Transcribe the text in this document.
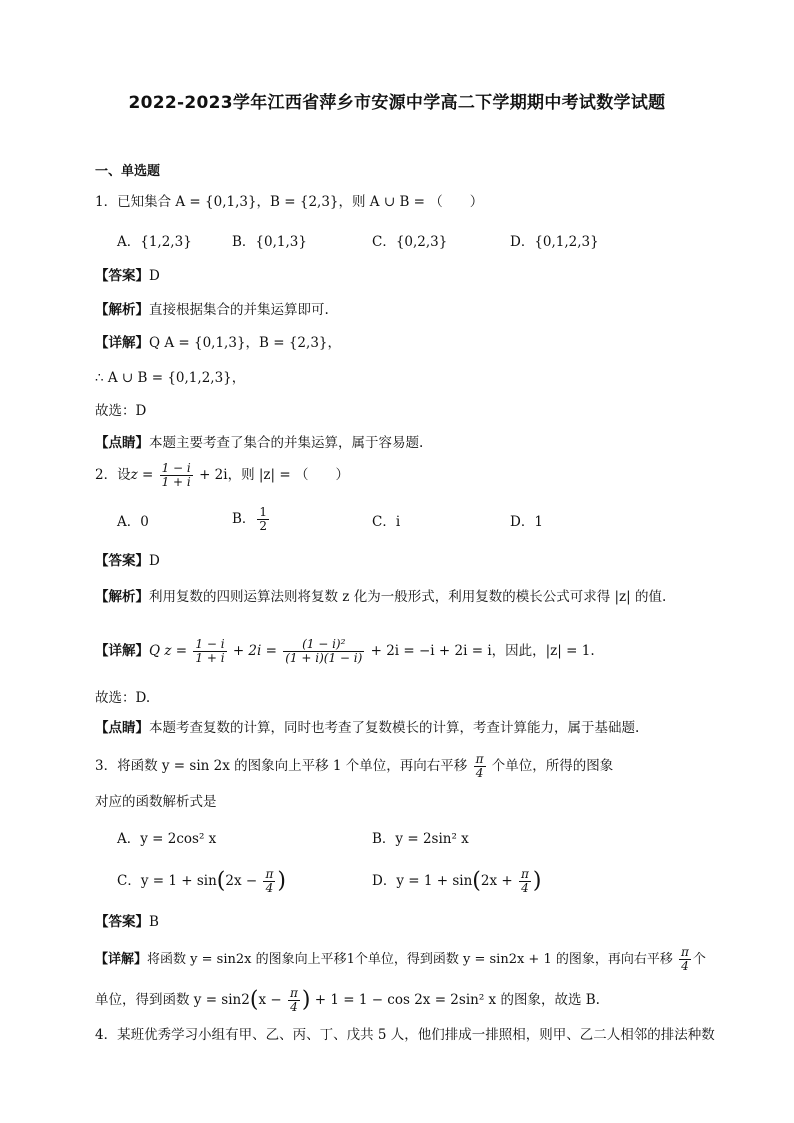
2022-2023学年江西省萍乡市安源中学高二下学期期中考试数学试题
一、单选题
1．已知集合 A = {0,1,3}，B = {2,3}，则 A ∪ B = （　　）
A．{1,2,3}	B．{0,1,3}	C．{0,2,3}	D．{0,1,2,3}
【答案】D
【解析】直接根据集合的并集运算即可.
【详解】Q A = {0,1,3}，B = {2,3}，
∴ A ∪ B = {0,1,2,3}，
故选：D
【点睛】本题主要考查了集合的并集运算，属于容易题.
2．设$z = \frac{1 - i}{1 + i} + 2i$，则 |z| = （　　）
A．0	B． $\frac{1}{2}$	C．i	D．1
【答案】D
【解析】利用复数的四则运算法则将复数 z 化为一般形式，利用复数的模长公式可求得 |z| 的值.
【详解】Q $z = \frac{1 - i}{1 + i} + 2i = \frac{\text{(1 − i)²}}{(1 + i)(1 - i)} + 2i = -i + 2i = i$，因此，|z| = 1.
故选：D.
【点睛】本题考查复数的计算，同时也考查了复数模长的计算，考查计算能力，属于基础题.
3．将函数 y = sin 2x 的图象向上平移 1 个单位，再向右平移 $\frac{\pi}{4}$ 个单位，所得的图象
对应的函数解析式是
A．y = 2cos² x	B．y = 2sin² x
C．$y = 1 + \sin(2x - \frac{\pi}{4}$ )	D．$y = 1 + \sin(2x + \frac{\pi}{4}$ )
【答案】B
【详解】将函数 y = sin2x 的图象向上平移1个单位，得到函数 y = sin2x + 1 的图象，再向右平移 $\frac{\pi}{4}$ 个
单位，得到函数 $y = \sin 2(x - \frac{\pi}{4}$ ) + 1 = 1 − cos 2x = 2sin² x 的图象，故选 B.
4．某班优秀学习小组有甲、乙、丙、丁、戊共 5 人，他们排成一排照相，则甲、乙二人相邻的排法种数
